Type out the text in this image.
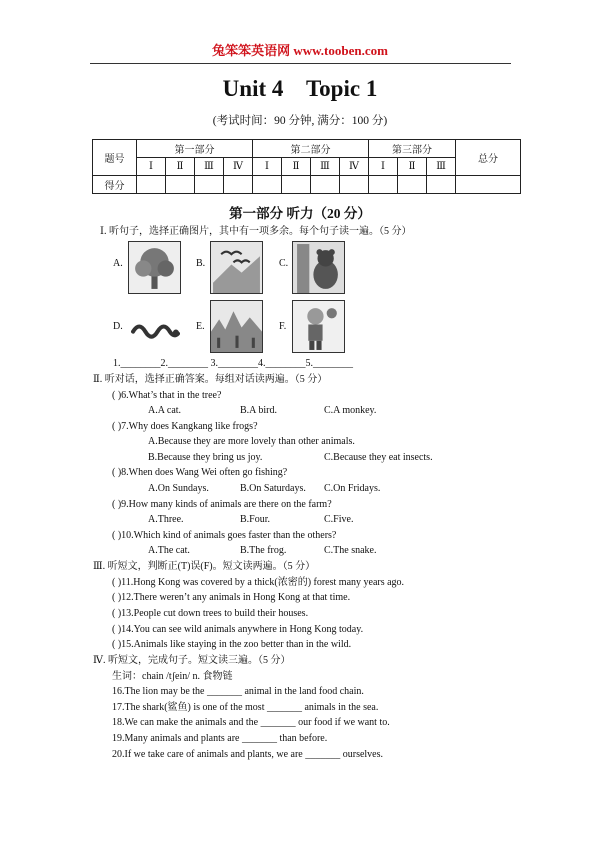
兔笨笨英语网 www.tooben.com
Unit 4    Topic 1
(考试时间：90 分钟, 满分：100 分)
题号	第一部分				第二部分				第三部分			总分
	Ⅰ	Ⅱ	Ⅲ	Ⅳ	Ⅰ	Ⅱ	Ⅲ	Ⅳ	Ⅰ	Ⅱ	Ⅲ	
得分												
第一部分 听力（20 分）
Ⅰ. 听句子，选择正确图片，其中有一项多余。每个句子读一遍。（5 分）
A.	B.	C.
D.	E.	F.
1.________2.________ 3.________4.________5.________
Ⅱ. 听对话，选择正确答案。每组对话读两遍。（5 分）
( )6.What’s that in the tree?
A.A cat.	B.A bird.	C.A monkey.
( )7.Why does Kangkang like frogs?
A.Because they are more lovely than other animals.
B.Because they bring us joy.	C.Because they eat insects.
( )8.When does Wang Wei often go fishing?
A.On Sundays.	B.On Saturdays. C.On Fridays.
( )9.How many kinds of animals are there on the farm?
A.Three.	B.Four.	C.Five.
( )10.Which kind of animals goes faster than the others?
A.The cat.	B.The frog.	C.The snake.
Ⅲ. 听短文，判断正(T)误(F)。短文读两遍。（5 分）
( )11.Hong Kong was covered by a thick(浓密的) forest many years ago.
( )12.There weren’t any animals in Hong Kong at that time.
( )13.People cut down trees to build their houses.
( )14.You can see wild animals anywhere in Hong Kong today.
( )15.Animals like staying in the zoo better than in the wild.
Ⅳ. 听短文，完成句子。短文读三遍。（5 分）
生词：chain /tʃein/ n. 食物链
16.The lion may be the _______ animal in the land food chain.
17.The shark(鲨鱼) is one of the most _______ animals in the sea.
18.We can make the animals and the _______ our food if we want to.
19.Many animals and plants are _______ than before.
20.If we take care of animals and plants, we are _______ ourselves.
